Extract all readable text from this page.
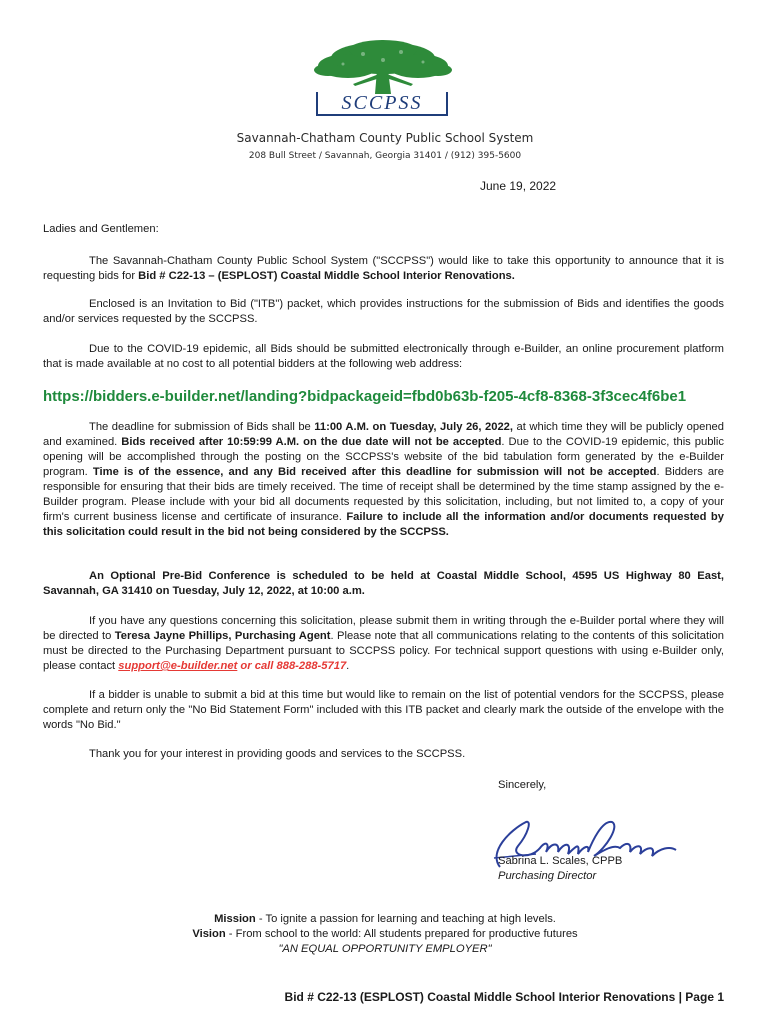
SCCPSS
Savannah-Chatham County Public School System
208 Bull Street / Savannah, Georgia 31401 / (912) 395-5600
June 19, 2022

Ladies and Gentlemen:

The Savannah-Chatham County Public School System ("SCCPSS") would like to take this opportunity to announce that it is requesting bids for Bid # C22-13 – (ESPLOST) Coastal Middle School Interior Renovations.

Enclosed is an Invitation to Bid ("ITB") packet, which provides instructions for the submission of Bids and identifies the goods and/or services requested by the SCCPSS.

Due to the COVID-19 epidemic, all Bids should be submitted electronically through e-Builder, an online procurement platform that is made available at no cost to all potential bidders at the following web address:

https://bidders.e-builder.net/landing?bidpackageid=fbd0b63b-f205-4cf8-8368-3f3cec4f6be1

The deadline for submission of Bids shall be 11:00 A.M. on Tuesday, July 26, 2022, at which time they will be publicly opened and examined. Bids received after 10:59:99 A.M. on the due date will not be accepted. Due to the COVID-19 epidemic, this public opening will be accomplished through the posting on the SCCPSS's website of the bid tabulation form generated by the e-Builder program. Time is of the essence, and any Bid received after this deadline for submission will not be accepted. Bidders are responsible for ensuring that their bids are timely received. The time of receipt shall be determined by the time stamp assigned by the e-Builder program. Please include with your bid all documents requested by this solicitation, including, but not limited to, a copy of your firm's current business license and certificate of insurance. Failure to include all the information and/or documents requested by this solicitation could result in the bid not being considered by the SCCPSS.

An Optional Pre-Bid Conference is scheduled to be held at Coastal Middle School, 4595 US Highway 80 East, Savannah, GA 31410 on Tuesday, July 12, 2022, at 10:00 a.m.

If you have any questions concerning this solicitation, please submit them in writing through the e-Builder portal where they will be directed to Teresa Jayne Phillips, Purchasing Agent. Please note that all communications relating to the contents of this solicitation must be directed to the Purchasing Department pursuant to SCCPSS policy. For technical support questions with using e-Builder only, please contact support@e-builder.net or call 888-288-5717.

If a bidder is unable to submit a bid at this time but would like to remain on the list of potential vendors for the SCCPSS, please complete and return only the "No Bid Statement Form" included with this ITB packet and clearly mark the outside of the envelope with the words "No Bid."

Thank you for your interest in providing goods and services to the SCCPSS.

Sincerely,
Sabrina L. Scales, CPPB
Purchasing Director
Mission - To ignite a passion for learning and teaching at high levels.
Vision - From school to the world: All students prepared for productive futures
"AN EQUAL OPPORTUNITY EMPLOYER"
Bid # C22-13 (ESPLOST) Coastal Middle School Interior Renovations | Page 1
